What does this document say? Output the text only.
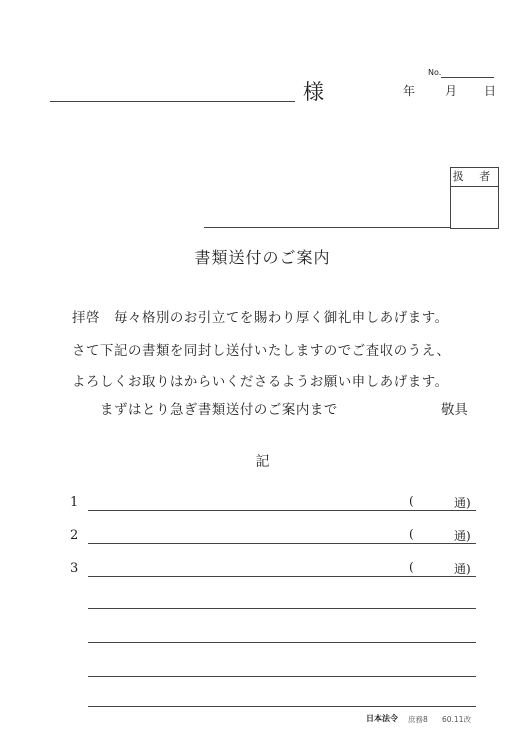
様
No.
年 月 日
扱 者
書類送付のご案内
拝啓　毎々格別のお引立てを賜わり厚く御礼申しあげます。
さて下記の書類を同封し送付いたしますのでご査収のうえ、
よろしくお取りはからいくださるようお願い申しあげます。
　まずはとり急ぎ書類送付のご案内まで	敬具
記
1	(	通)
2	(	通)
3	(	通)
日本法令 庶務8 60.11改
